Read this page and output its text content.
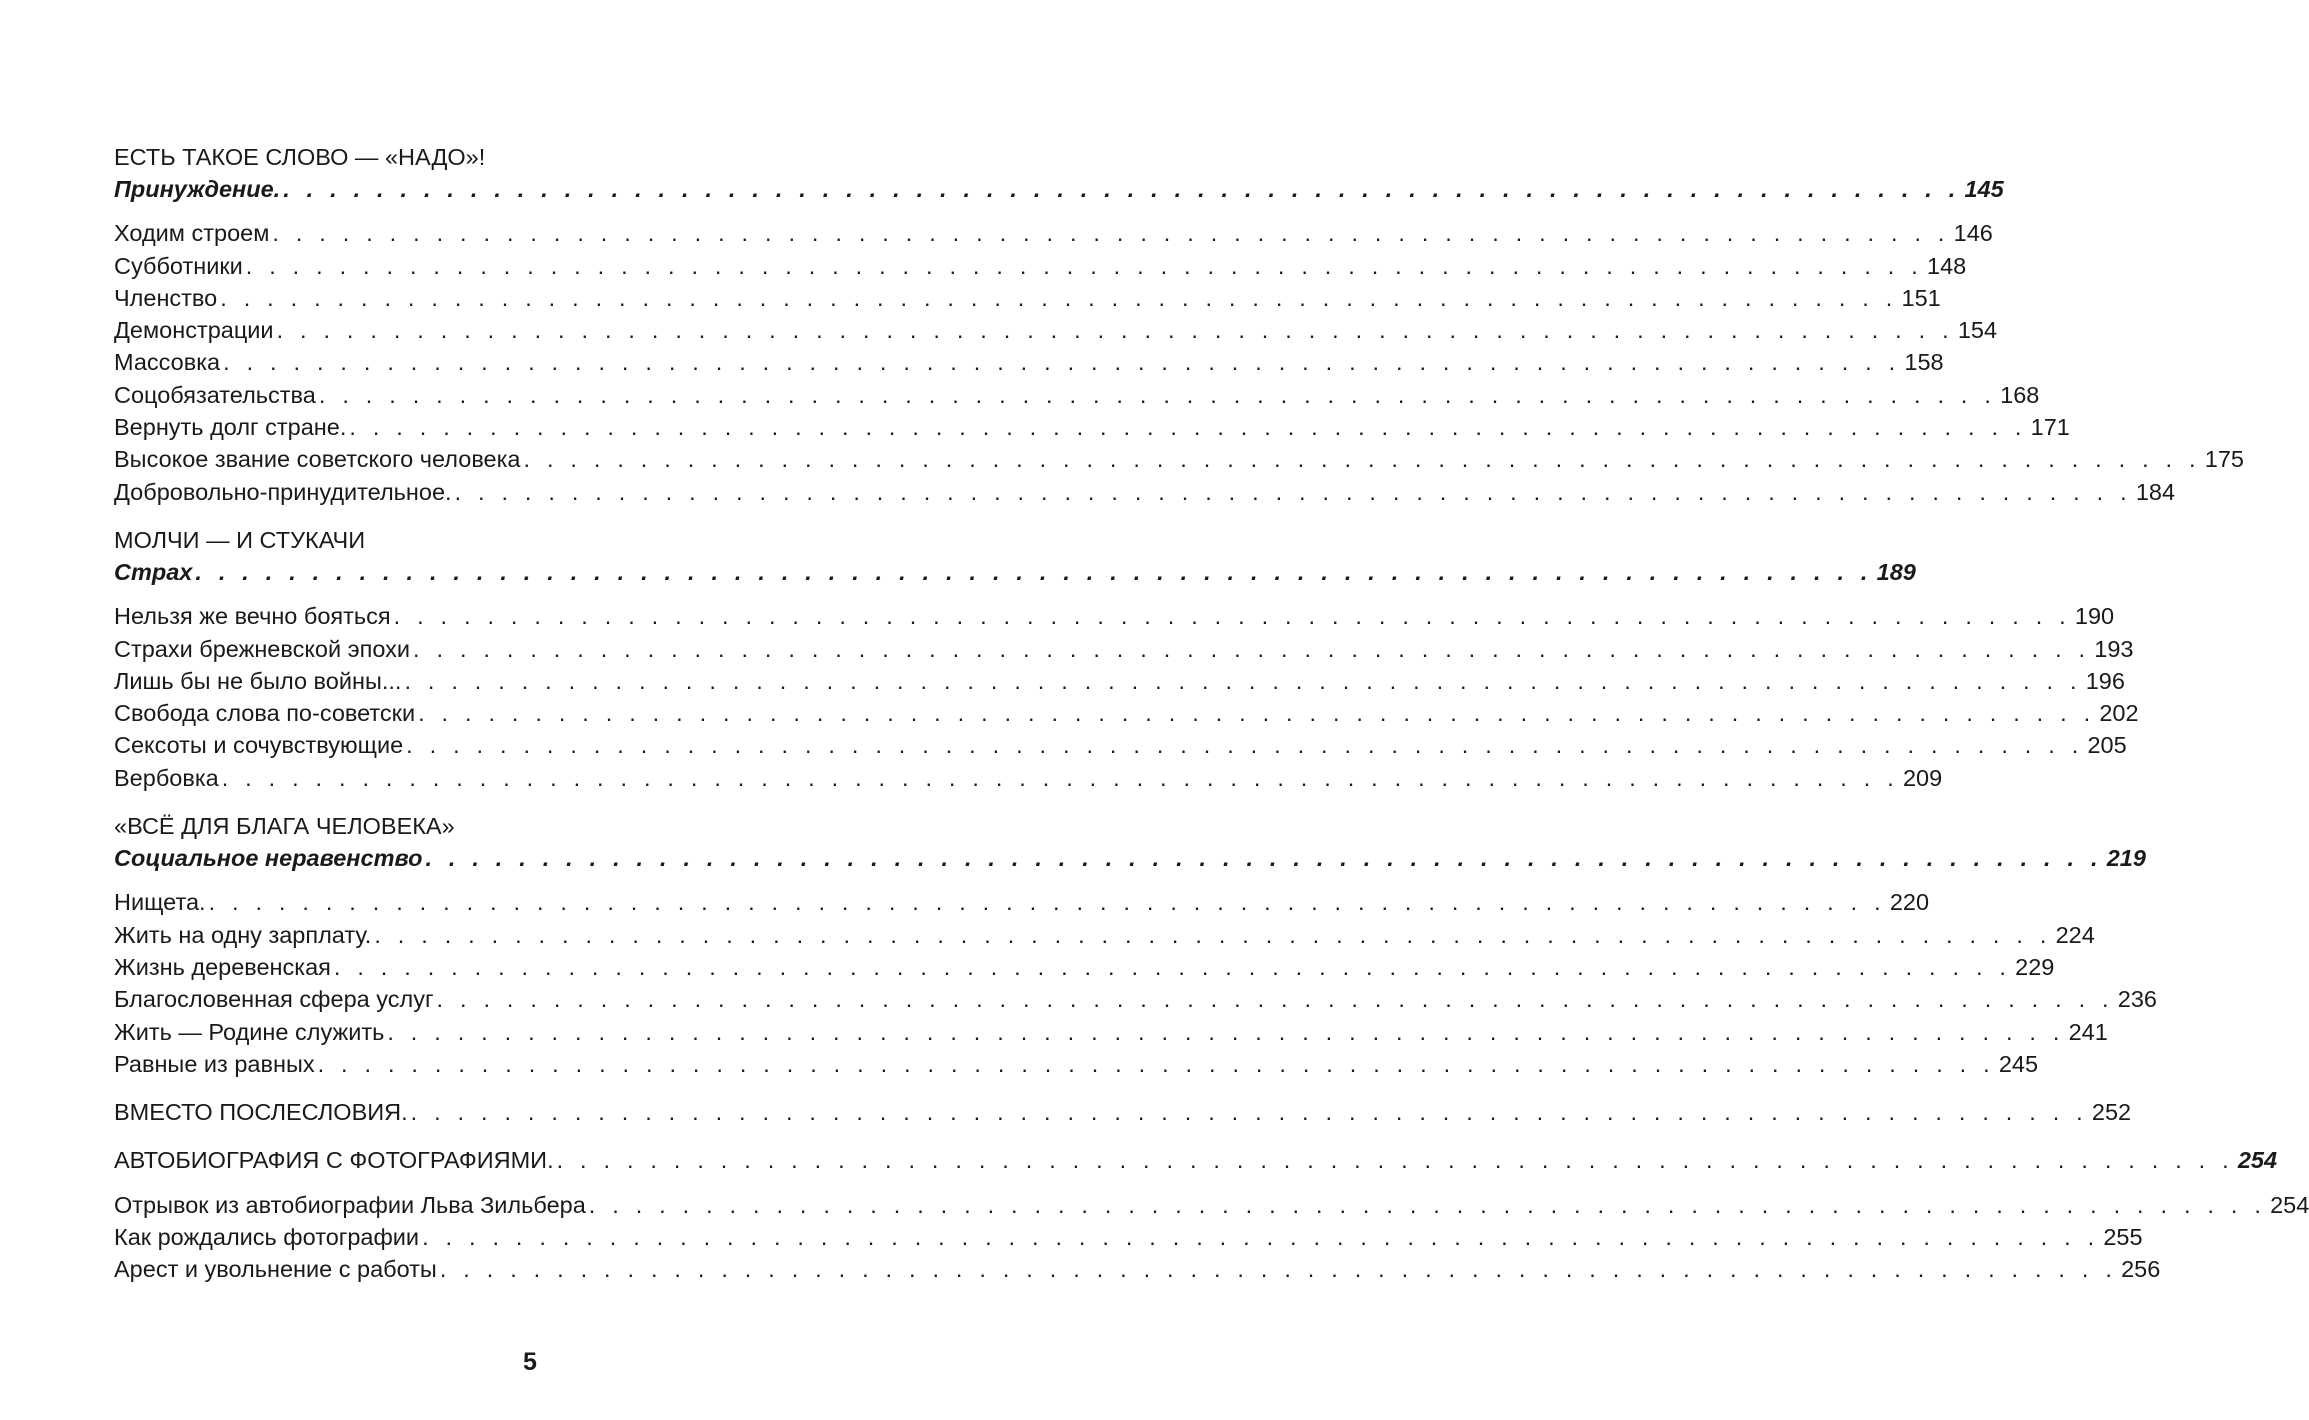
ЕСТЬ ТАКОЕ СЛОВО — «НАДО»!
Принуждение. . . . . . . . . . . . . . . . . . . . . . . . . . . . . . . . . . . . . . . . . . . . . . . . . . . . . . . . . . . . . . . . . . . . . . . . . 145
Ходим строем . . . . . . . . . . . . . . . . . . . . . . . . . . . . . . . . . . . . . . . . . . . . . . . . . . . . . . . . . . . . . . . . . . . . . . . . 146
Субботники . . . . . . . . . . . . . . . . . . . . . . . . . . . . . . . . . . . . . . . . . . . . . . . . . . . . . . . . . . . . . . . . . . . . . . . . 148
Членство . . . . . . . . . . . . . . . . . . . . . . . . . . . . . . . . . . . . . . . . . . . . . . . . . . . . . . . . . . . . . . . . . . . . . . . . 151
Демонстрации . . . . . . . . . . . . . . . . . . . . . . . . . . . . . . . . . . . . . . . . . . . . . . . . . . . . . . . . . . . . . . . . . . . . . . . . 154
Массовка . . . . . . . . . . . . . . . . . . . . . . . . . . . . . . . . . . . . . . . . . . . . . . . . . . . . . . . . . . . . . . . . . . . . . . . . 158
Соцобязательства . . . . . . . . . . . . . . . . . . . . . . . . . . . . . . . . . . . . . . . . . . . . . . . . . . . . . . . . . . . . . . . . . . . . . . . . 168
Вернуть долг стране. . . . . . . . . . . . . . . . . . . . . . . . . . . . . . . . . . . . . . . . . . . . . . . . . . . . . . . . . . . . . . . . . . . . . . . . . 171
Высокое звание советского человека . . . . . . . . . . . . . . . . . . . . . . . . . . . . . . . . . . . . . . . . . . . . . . . . . . . . . . . . . . . . . . . . . . . . . . . . 175
Добровольно-принудительное. . . . . . . . . . . . . . . . . . . . . . . . . . . . . . . . . . . . . . . . . . . . . . . . . . . . . . . . . . . . . . . . . . . . . . . . . 184
МОЛЧИ — И СТУКАЧИ
Страх . . . . . . . . . . . . . . . . . . . . . . . . . . . . . . . . . . . . . . . . . . . . . . . . . . . . . . . . . . . . . . . . . . . . . . . . 189
Нельзя же вечно бояться . . . . . . . . . . . . . . . . . . . . . . . . . . . . . . . . . . . . . . . . . . . . . . . . . . . . . . . . . . . . . . . . . . . . . . . . 190
Страхи брежневской эпохи . . . . . . . . . . . . . . . . . . . . . . . . . . . . . . . . . . . . . . . . . . . . . . . . . . . . . . . . . . . . . . . . . . . . . . . . 193
Лишь бы не было войны... . . . . . . . . . . . . . . . . . . . . . . . . . . . . . . . . . . . . . . . . . . . . . . . . . . . . . . . . . . . . . . . . . . . . . . . . 196
Свобода слова по-советски . . . . . . . . . . . . . . . . . . . . . . . . . . . . . . . . . . . . . . . . . . . . . . . . . . . . . . . . . . . . . . . . . . . . . . . . 202
Сексоты и сочувствующие . . . . . . . . . . . . . . . . . . . . . . . . . . . . . . . . . . . . . . . . . . . . . . . . . . . . . . . . . . . . . . . . . . . . . . . . 205
Вербовка . . . . . . . . . . . . . . . . . . . . . . . . . . . . . . . . . . . . . . . . . . . . . . . . . . . . . . . . . . . . . . . . . . . . . . . . 209
«ВСЁ ДЛЯ БЛАГА ЧЕЛОВЕКА»
Социальное неравенство . . . . . . . . . . . . . . . . . . . . . . . . . . . . . . . . . . . . . . . . . . . . . . . . . . . . . . . . . . . . . . . . . . . . . . . . 219
Нищета. . . . . . . . . . . . . . . . . . . . . . . . . . . . . . . . . . . . . . . . . . . . . . . . . . . . . . . . . . . . . . . . . . . . . . . . . 220
Жить на одну зарплату. . . . . . . . . . . . . . . . . . . . . . . . . . . . . . . . . . . . . . . . . . . . . . . . . . . . . . . . . . . . . . . . . . . . . . . . . 224
Жизнь деревенская . . . . . . . . . . . . . . . . . . . . . . . . . . . . . . . . . . . . . . . . . . . . . . . . . . . . . . . . . . . . . . . . . . . . . . . . 229
Благословенная сфера услуг . . . . . . . . . . . . . . . . . . . . . . . . . . . . . . . . . . . . . . . . . . . . . . . . . . . . . . . . . . . . . . . . . . . . . . . . 236
Жить — Родине служить . . . . . . . . . . . . . . . . . . . . . . . . . . . . . . . . . . . . . . . . . . . . . . . . . . . . . . . . . . . . . . . . . . . . . . . . 241
Равные из равных . . . . . . . . . . . . . . . . . . . . . . . . . . . . . . . . . . . . . . . . . . . . . . . . . . . . . . . . . . . . . . . . . . . . . . . . 245
ВМЕСТО ПОСЛЕСЛОВИЯ. . . . . . . . . . . . . . . . . . . . . . . . . . . . . . . . . . . . . . . . . . . . . . . . . . . . . . . . . . . . . . . . . . . . . . . . . 252
АВТОБИОГРАФИЯ С ФОТОГРАФИЯМИ. . . . . . . . . . . . . . . . . . . . . . . . . . . . . . . . . . . . . . . . . . . . . . . . . . . . . . . . . . . . . . . . . . . . . . . . . 254
Отрывок из автобиографии Льва Зильбера . . . . . . . . . . . . . . . . . . . . . . . . . . . . . . . . . . . . . . . . . . . . . . . . . . . . . . . . . . . . . . . . . . . . . . . . 254
Как рождались фотографии . . . . . . . . . . . . . . . . . . . . . . . . . . . . . . . . . . . . . . . . . . . . . . . . . . . . . . . . . . . . . . . . . . . . . . . . 255
Арест и увольнение с работы . . . . . . . . . . . . . . . . . . . . . . . . . . . . . . . . . . . . . . . . . . . . . . . . . . . . . . . . . . . . . . . . . . . . . . . . 256
5
